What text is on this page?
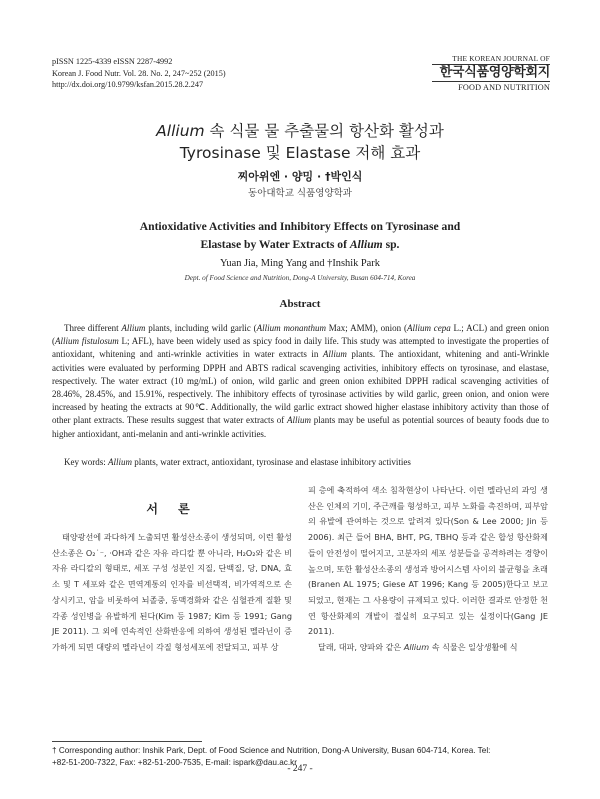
pISSN 1225-4339 eISSN 2287-4992
Korean J. Food Nutr. Vol. 28. No. 2, 247~252 (2015)
http://dx.doi.org/10.9799/ksfan.2015.28.2.247
THE KOREAN JOURNAL OF
한국식품영양학회지
FOOD AND NUTRITION
Allium 속 식물 물 추출물의 항산화 활성과
Tyrosinase 및 Elastase 저해 효과
찌아위엔 · 양밍 · †박인식
동아대학교 식품영양학과
Antioxidative Activities and Inhibitory Effects on Tyrosinase and
Elastase by Water Extracts of Allium sp.
Yuan Jia, Ming Yang and †Inshik Park
Dept. of Food Science and Nutrition, Dong-A University, Busan 604-714, Korea
Abstract

Three different Allium plants, including wild garlic (Allium monanthum Max; AMM), onion (Allium cepa L.; ACL) and green onion (Allium fistulosum L; AFL), have been widely used as spicy food in daily life. This study was attempted to investigate the properties of antioxidant, whitening and anti-wrinkle activities in water extracts in Allium plants. The antioxidant, whitening and anti-Wrinkle activities were evaluated by performing DPPH and ABTS radical scavenging activities, inhibitory effects on tyrosinase, and elastase, respectively. The water extract (10 mg/mL) of onion, wild garlic and green onion exhibited DPPH radical scavenging activities of 28.46%, 28.45%, and 15.91%, respectively. The inhibitory effects of tyrosinase activities by wild garlic, green onion, and onion were increased by heating the extracts at 90℃. Additionally, the wild garlic extract showed higher elastase inhibitory activity than those of other plant extracts. These results suggest that water extracts of Allium plants may be useful as potential sources of beauty foods due to higher antioxidant, anti-melanin and anti-wrinkle activities.

Key words: Allium plants, water extract, antioxidant, tyrosinase and elastase inhibitory activities
서 론

태양광선에 과다하게 노출되면 활성산소종이 생성되며, 이런 활성 산소종은 O₂˙⁻, ·OH과 같은 자유 라디칼 뿐 아니라, H₂O₂와 같은 비 자유 라디칼의 형태로, 세포 구성 성분인 지질, 단백질, 당, DNA, 효소 및 T 세포와 같은 면역계통의 인자를 비선택적, 비가역적으로 손상시키고, 암을 비롯하여 뇌졸중, 동맥경화와 같은 심혈관계 질환 및 각종 성인병을 유발하게 된다(Kim 등 1987; Kim 등 1991; Gang JE 2011). 그 외에 연속적인 산화반응에 의하여 생성된 멜라닌이 증가하게 되면 대량의 멜라닌이 각질 형성세포에 전달되고, 피부 상

피 층에 축적하여 색소 침착현상이 나타난다. 이런 멜라닌의 과잉 생산은 인체의 기미, 주근깨를 형성하고, 피부 노화를 촉진하며, 피부암의 유발에 관여하는 것으로 알려져 있다(Son & Lee 2000; Jin 등 2006). 최근 들어 BHA, BHT, PG, TBHQ 등과 같은 합성 항산화제들이 안전성이 떨어지고, 고분자의 세포 성분들을 공격하려는 경향이 높으며, 또한 활성산소종의 생성과 방어시스템 사이의 불균형을 초래(Branen AL 1975; Giese AT 1996; Kang 등 2005)한다고 보고되었고, 현재는 그 사용량이 규제되고 있다. 이러한 결과로 안정한 천연 항산화제의 개발이 절실히 요구되고 있는 실정이다(Gang JE 2011).

달래, 대파, 양파와 같은 Allium 속 식물은 일상생활에 식

† Corresponding author: Inshik Park, Dept. of Food Science and Nutrition, Dong-A University, Busan 604-714, Korea. Tel:
+82-51-200-7322, Fax: +82-51-200-7535, E-mail: ispark@dau.ac.kr
- 247 -
